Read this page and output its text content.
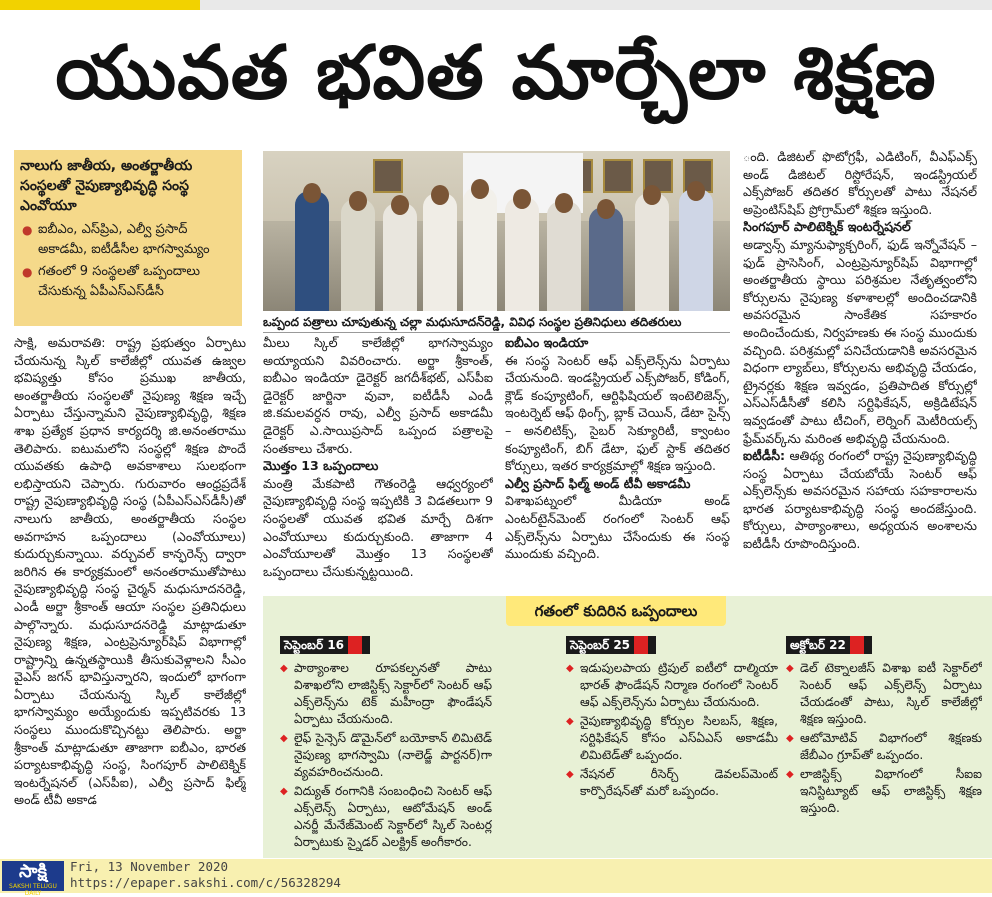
యువత భవిత మార్చేలా శిక్షణ
నాలుగు జాతీయ, అంతర్జాతీయ సంస్థలతో నైపుణ్యాభివృద్ధి సంస్థ ఎంవోయూ
● ఐబీఎం, ఎస్‌ప్రిఎ, ఎల్వీ ప్రసాద్ అకాడమీ, ఐటీడీసీల భాగస్వామ్యం
● గతంలో 9 సంస్థలతో ఒప్పందాలు చేసుకున్న ఏపీఎస్ఎస్‌డీసీ
ఒప్పంద పత్రాలు చూపుతున్న చల్లా మధుసూదన్‌రెడ్డి, వివిధ సంస్థల ప్రతినిధులు తదితరులు

సాక్షి, అమరావతి: రాష్ట్ర ప్రభుత్వం ఏర్పాటు చేయనున్న స్కిల్ కాలేజీల్లో యువత ఉజ్వల భవిష్యత్తు కోసం ప్రముఖ జాతీయ, అంతర్జాతీయ సంస్థలతో నైపుణ్య శిక్షణ ఇచ్చే ఏర్పాటు చేస్తున్నామని నైపుణ్యాభివృద్ధి, శిక్షణ శాఖ ప్రత్యేక ప్రధాన కార్యదర్శి జి.అనంతరాము తెలిపారు. ఐటుమలోని సంస్థల్లో శిక్షణ పొందే యువతకు ఉపాధి అవకాశాలు సులభంగా లభిస్తాయని చెప్పారు. గురువారం ఆంధ్రప్రదేశ్ రాష్ట్ర నైపుణ్యాభివృద్ధి సంస్థ (ఏపీఎస్ఎస్‌డీసీ)తో నాలుగు జాతీయ, అంతర్జాతీయ సంస్థల అవగాహన ఒప్పందాలు (ఎంవోయూలు) కుదుర్చుకున్నాయి. వర్చువల్ కాన్ఫరెన్స్ ద్వారా జరిగిన ఈ కార్యక్రమంలో అనంతరాముతోపాటు నైపుణ్యాభివృద్ధి సంస్థ చైర్మన్ మధుసూదనరెడ్డి, ఎండీ అర్జా శ్రీకాంత్ ఆయా సంస్థల ప్రతినిధులు పాల్గొన్నారు. మధుసూదనరెడ్డి మాట్లాడుతూ నైపుణ్య శిక్షణ, ఎంట్రప్రెన్యూర్‌షిప్ విభాగాల్లో రాష్ట్రాన్ని ఉన్నతస్థాయికి తీసుకువెళ్లాలని సీఎం వైఎస్ జగన్ భావిస్తున్నారని, ఇందులో భాగంగా ఏర్పాటు చేయనున్న స్కిల్ కాలేజీల్లో భాగస్వామ్యం అయ్యేందుకు ఇప్పటివరకు 13 సంస్థలు ముందుకొచ్చినట్టు తెలిపారు. అర్జా శ్రీకాంత్ మాట్లాడుతూ తాజాగా ఐబీఎం, భారత పర్యాటకాభివృద్ధి సంస్థ, సింగపూర్ పాలిటెక్నిక్ ఇంటర్నేషనల్ (ఎస్‌పీఐ), ఎల్వీ ప్రసాద్ ఫిల్మ్ అండ్ టీవీ అకాడ

మీలు స్కిల్ కాలేజీల్లో భాగస్వామ్యం అయ్యాయని వివరించారు. అర్జా శ్రీకాంత్, ఐబీఎం ఇండియా డైరెక్టర్ జగదీశ్‌భట్, ఎస్‌పీఐ డైరెక్టర్ జార్జినా వువా, ఐటీడీసీ ఎండీ జి.కమలవర్ధన రావు, ఎల్వీ ప్రసాద్ అకాడమీ డైరెక్టర్ ఎ.సాయిప్రసాద్ ఒప్పంద పత్రాలపై సంతకాలు చేశారు.

మొత్తం 13 ఒప్పందాలు

మంత్రి మేకపాటి గౌతంరెడ్డి ఆధ్వర్యంలో నైపుణ్యాభివృద్ధి సంస్థ ఇప్పటికి 3 విడతలుగా 9 సంస్థలతో యువత భవిత మార్చే దిశగా ఎంవోయూలు కుదుర్చుకుంది. తాజాగా 4 ఎంవోయూలతో మొత్తం 13 సంస్థలతో ఒప్పందాలు చేసుకున్నట్టయింది.

ఐబీఎం ఇండియా

ఈ సంస్థ సెంటర్ ఆఫ్ ఎక్స్‌లెన్స్‌ను ఏర్పాటు చేయనుంది. ఇండస్ట్రియల్ ఎక్స్‌పోజర్, కోడింగ్, క్లౌడ్ కంప్యూటింగ్, ఆర్టిఫిషియల్ ఇంటెలిజెన్స్, ఇంటర్నెట్ ఆఫ్ థింగ్స్, బ్లాక్ చెయిన్, డేటా సైన్స్ – అనలిటిక్స్, సైబర్ సెక్యూరిటీ, క్వాంటం కంప్యూటింగ్, బిగ్ డేటా, ఫుల్ స్టాక్ తదితర కోర్సులు, ఇతర కార్యక్రమాల్లో శిక్షణ ఇస్తుంది.

ఎల్వీ ప్రసాద్ ఫిల్మ్ అండ్ టీవీ అకాడమీ

విశాఖపట్నంలో మీడియా అండ్ ఎంటర్‌టైన్‌మెంట్ రంగంలో సెంటర్ ఆఫ్ ఎక్స్‌లెన్స్‌ను ఏర్పాటు చేసేందుకు ఈ సంస్థ ముందుకు వచ్చింది.

ంది. డిజిటల్ ఫొటోగ్రఫీ, ఎడిటింగ్, వీఎఫ్ఎక్స్ అండ్ డిజిటల్ రిస్టోరేషన్, ఇండస్ట్రియల్ ఎక్స్‌పోజర్ తదితర కోర్సులతో పాటు నేషనల్ అప్రెంటిస్‌షిప్ ప్రోగ్రామ్‌లో శిక్షణ ఇస్తుంది.

సింగపూర్ పాలిటెక్నిక్ ఇంటర్నేషనల్

అడ్వాన్స్ మ్యానుఫ్యాక్చరింగ్, ఫుడ్ ఇన్నోవేషన్ – ఫుడ్ ప్రాసెసింగ్, ఎంట్రప్రెన్యూర్‌షిప్ విభాగాల్లో అంతర్జాతీయ స్థాయి పరిశ్రమల నేతృత్వంలోని కోర్సులను నైపుణ్య కళాశాలల్లో అందించడానికి అవసరమైన సాంకేతిక సహకారం అందించేందుకు, నిర్వహణకు ఈ సంస్థ ముందుకు వచ్చింది. పరిశ్రమల్లో పనిచేయడానికి అవసరమైన విధంగా ల్యాబ్‌లు, కోర్సులను అభివృద్ధి చేయడం, ట్రైనర్లకు శిక్షణ ఇవ్వడం, ప్రతిపాదిత కోర్సుల్లో ఎస్‌ఎస్‌డీసీతో కలిసి సర్టిఫికేషన్, అక్రిడిటేషన్ ఇవ్వడంతో పాటు టీచింగ్, లెర్నింగ్ మెటీరియల్స్ ఫ్రేమ్‌వర్క్‌ను మరింత అభివృద్ధి చేయనుంది.

ఐటీడీసీ: ఆతిథ్య రంగంలో రాష్ట్ర నైపుణ్యాభివృద్ధి సంస్థ ఏర్పాటు చేయబోయే సెంటర్ ఆఫ్ ఎక్స్‌లెన్స్‌కు అవసరమైన సహాయ సహకారాలను భారత పర్యాటకాభివృద్ధి సంస్థ అందజేస్తుంది. కోర్సులు, పాఠ్యాంశాలు, అధ్యయన అంశాలను ఐటీడీసీ రూపొందిస్తుంది.

గతంలో కుదిరిన ఒప్పందాలు
సెప్టెంబర్ 16
◆ పాఠ్యాంశాల రూపకల్పనతో పాటు విశాఖలోని లాజిస్టిక్స్ సెక్టార్‌లో సెంటర్ ఆఫ్ ఎక్స్‌లెన్స్‌ను టెక్ మహీంద్రా ఫౌండేషన్ ఏర్పాటు చేయనుంది.
◆ లైఫ్ సైన్సెస్ డొమైన్‌లో బయోకాన్ లిమిటెడ్ నైపుణ్య భాగస్వామి (నాలెడ్జ్ పార్టనర్)గా వ్యవహరించనుంది.
◆ విద్యుత్ రంగానికి సంబంధించి సెంటర్ ఆఫ్ ఎక్స్‌లెన్స్ ఏర్పాటు, ఆటోమేషన్ అండ్ ఎనర్జీ మేనేజ్‌మెంట్ సెక్టార్‌లో స్కిల్ సెంటర్ల ఏర్పాటుకు స్నైడర్ ఎలక్ట్రిక్ అంగీకారం.
సెప్టెంబర్ 25
◆ ఇడుపులపాయ ట్రిపుల్ ఐటీలో దాల్మియా భారత్ ఫౌండేషన్ నిర్మాణ రంగంలో సెంటర్ ఆఫ్ ఎక్స్‌లెన్స్‌ను ఏర్పాటు చేయనుంది.
◆ నైపుణ్యాభివృద్ధి కోర్సుల సిలబస్, శిక్షణ, సర్టిఫికేషన్ కోసం ఎస్ఏఎస్ అకాడమీ లిమిటెడ్‌తో ఒప్పందం.
◆ నేషనల్ రీసెర్చ్ డెవలప్‌మెంట్ కార్పొరేషన్‌తో మరో ఒప్పందం.
అక్టోబర్ 22
◆ డెల్ టెక్నాలజీస్ విశాఖ ఐటీ సెక్టార్‌లో సెంటర్ ఆఫ్ ఎక్స్‌లెన్స్ ఏర్పాటు చేయడంతో పాటు, స్కిల్ కాలేజీల్లో శిక్షణ ఇస్తుంది.
◆ ఆటోమోటివ్ విభాగంలో శిక్షణకు జేబీఎం గ్రూప్‌తో ఒప్పందం.
◆ లాజిస్టిక్స్ విభాగంలో సీఐఐ ఇనిస్టిట్యూట్ ఆఫ్ లాజిస్టిక్స్ శిక్షణ ఇస్తుంది.
సాక్షి
SAKSHI TELUGU DAILY
Fri, 13 November 2020
https://epaper.sakshi.com/c/56328294
